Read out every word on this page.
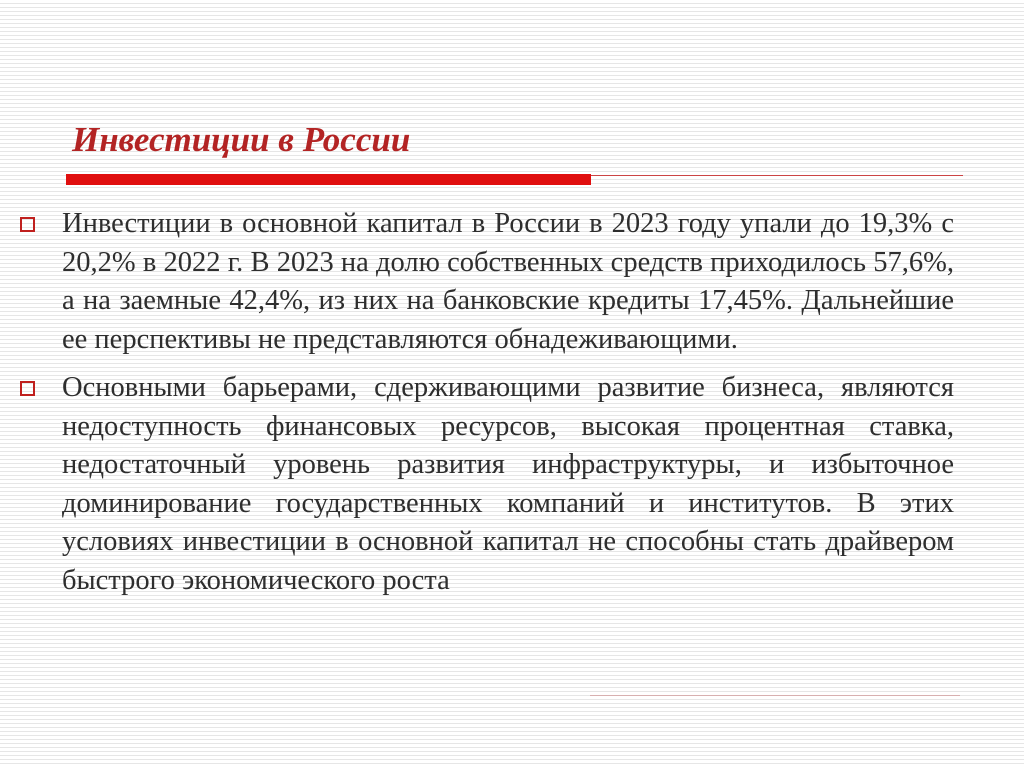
Инвестиции в России
Инвестиции в основной капитал в России в 2023 году упали до 19,3% с 20,2% в 2022 г. В 2023 на долю собственных средств приходилось 57,6%, а на заемные 42,4%, из них на банковские кредиты 17,45%. Дальнейшие ее перспективы не представляются обнадеживающими.
Основными барьерами, сдерживающими развитие бизнеса, являются недоступность финансовых ресурсов, высокая процентная ставка, недостаточный уровень развития инфраструктуры, и избыточное доминирование государственных компаний и институтов. В этих условиях инвестиции в основной капитал не способны стать драйвером быстрого экономического роста
